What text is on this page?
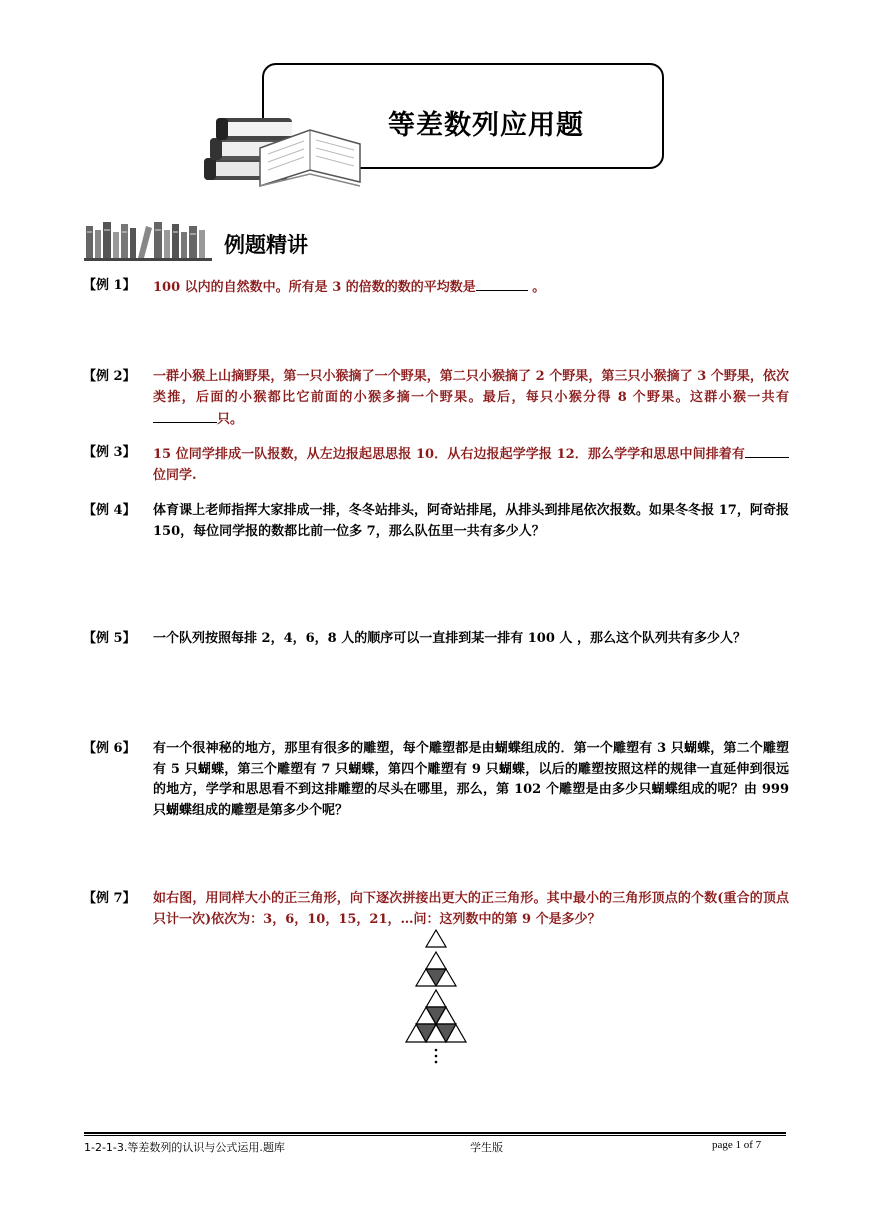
等差数列应用题
例题精讲
【例 1】 100 以内的自然数中。所有是 3 的倍数的数的平均数是	。
【例 2】 一群小猴上山摘野果，第一只小猴摘了一个野果，第二只小猴摘了 2 个野果，第三只小猴摘了 3 个野果，依次类推，后面的小猴都比它前面的小猴多摘一个野果。最后，每只小猴分得 8 个野果。这群小猴一共有只。
【例 3】 15 位同学排成一队报数，从左边报起思思报 10．从右边报起学学报 12．那么学学和思思中间排着有位同学.
【例 4】 体育课上老师指挥大家排成一排，冬冬站排头，阿奇站排尾，从排头到排尾依次报数。如果冬冬报 17，阿奇报 150，每位同学报的数都比前一位多 7，那么队伍里一共有多少人？
【例 5】 一个队列按照每排 2，4，6，8 人的顺序可以一直排到某一排有 100 人 ，那么这个队列共有多少人？
【例 6】 有一个很神秘的地方，那里有很多的雕塑，每个雕塑都是由蝴蝶组成的．第一个雕塑有 3 只蝴蝶，第二个雕塑有 5 只蝴蝶，第三个雕塑有 7 只蝴蝶，第四个雕塑有 9 只蝴蝶，以后的雕塑按照这样的规律一直延伸到很远的地方，学学和思思看不到这排雕塑的尽头在哪里，那么，第 102 个雕塑是由多少只蝴蝶组成的呢？由 999 只蝴蝶组成的雕塑是第多少个呢？
【例 7】 如右图，用同样大小的正三角形，向下逐次拼接出更大的正三角形。其中最小的三角形顶点的个数(重合的顶点只计一次)依次为：3，6，10，15，21，…问：这列数中的第 9 个是多少？
1-2-1-3.等差数列的认识与公式运用.题库	学生版	page 1 of 7
